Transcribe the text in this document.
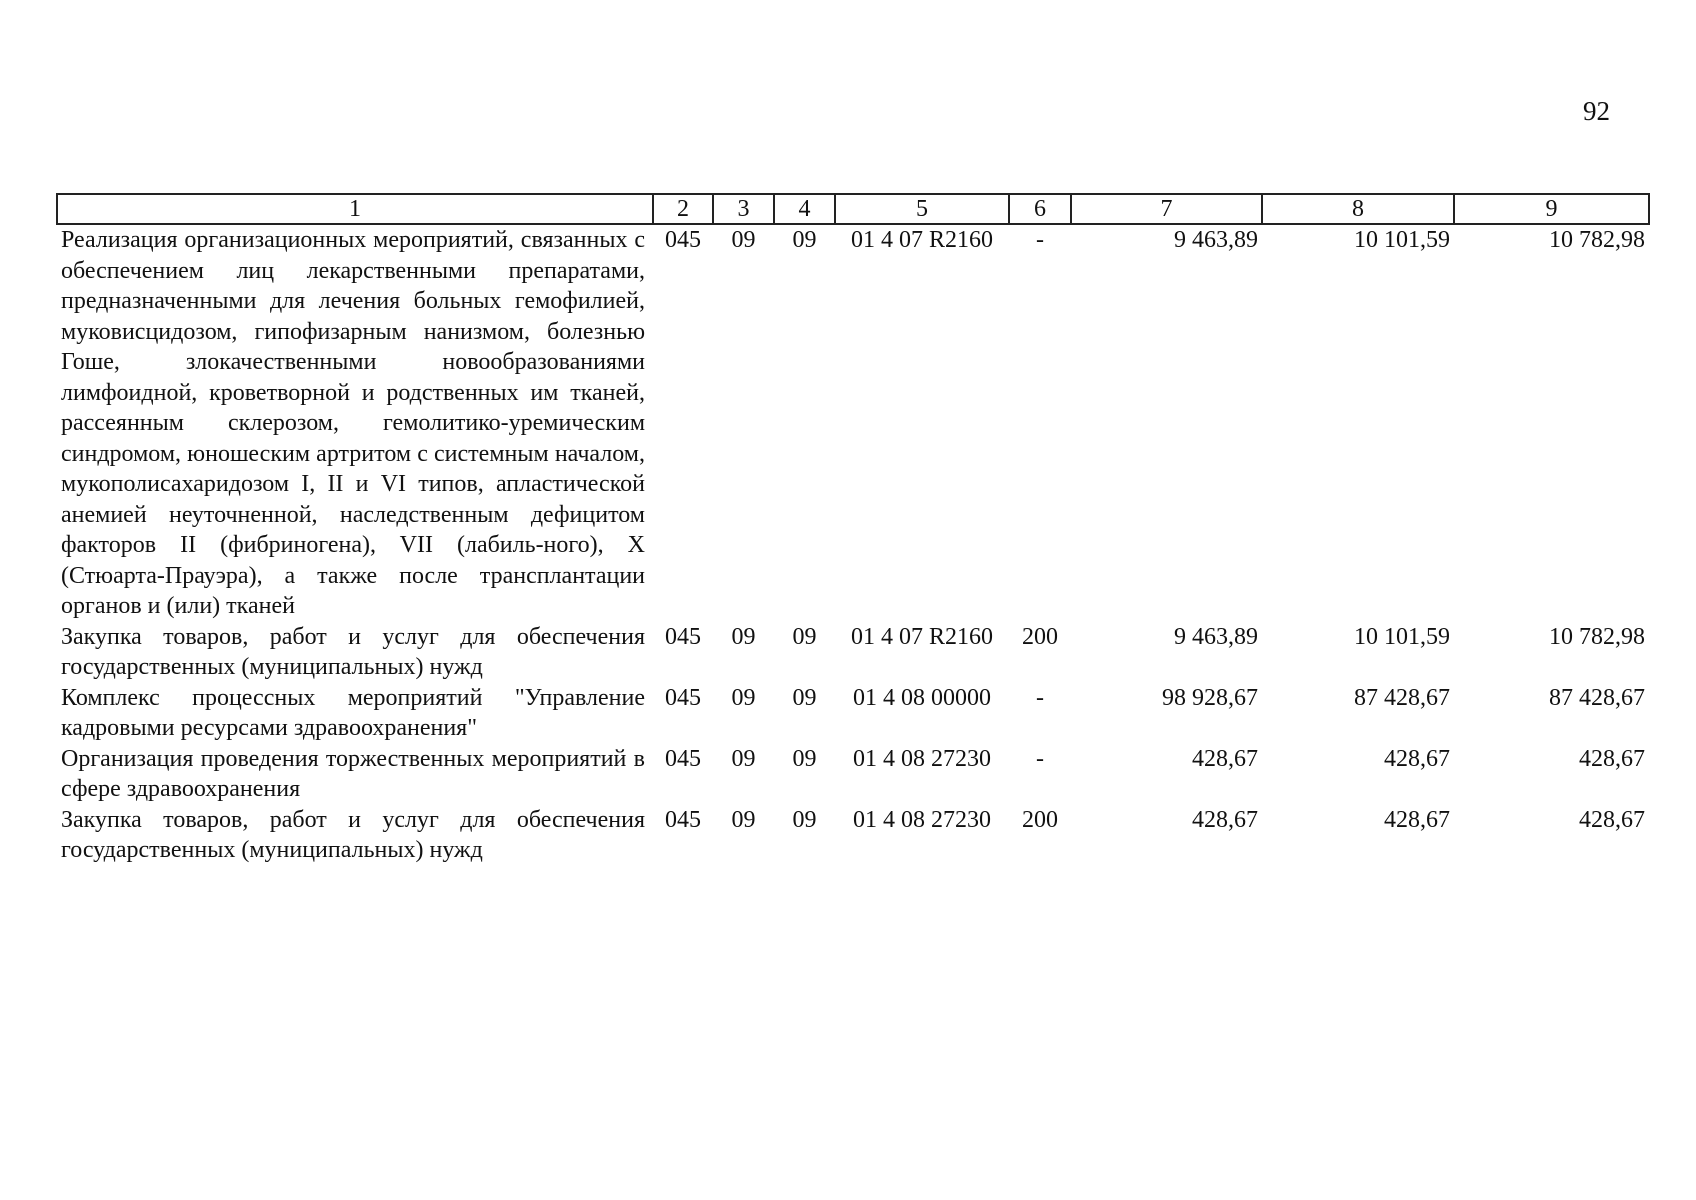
92
1	2	3	4	5	6	7	8	9
Реализация организационных мероприятий, связанных с обеспечением лиц лекарственными препаратами, предназначенными для лечения больных гемофилией, муковисцидозом, гипофизарным нанизмом, болезнью Гоше, злокачественными новообразованиями лимфоидной, кроветворной и родственных им тканей, рассеянным склерозом, гемолитико-уремическим синдромом, юношеским артритом с системным началом, мукополисахаридозом I, II и VI типов, апластической анемией неуточненной, наследственным дефицитом факторов II (фибриногена), VII (лабиль-ного), X (Стюарта-Прауэра), а также после трансплантации органов и (или) тканей	045	09	09	01 4 07 R2160	-	9 463,89	10 101,59	10 782,98
Закупка товаров, работ и услуг для обеспечения государственных (муниципальных) нужд	045	09	09	01 4 07 R2160	200	9 463,89	10 101,59	10 782,98
Комплекс процессных мероприятий "Управление кадровыми ресурсами здравоохранения"	045	09	09	01 4 08 00000	-	98 928,67	87 428,67	87 428,67
Организация проведения торжественных мероприятий в сфере здравоохранения	045	09	09	01 4 08 27230	-	428,67	428,67	428,67
Закупка товаров, работ и услуг для обеспечения государственных (муниципальных) нужд	045	09	09	01 4 08 27230	200	428,67	428,67	428,67
